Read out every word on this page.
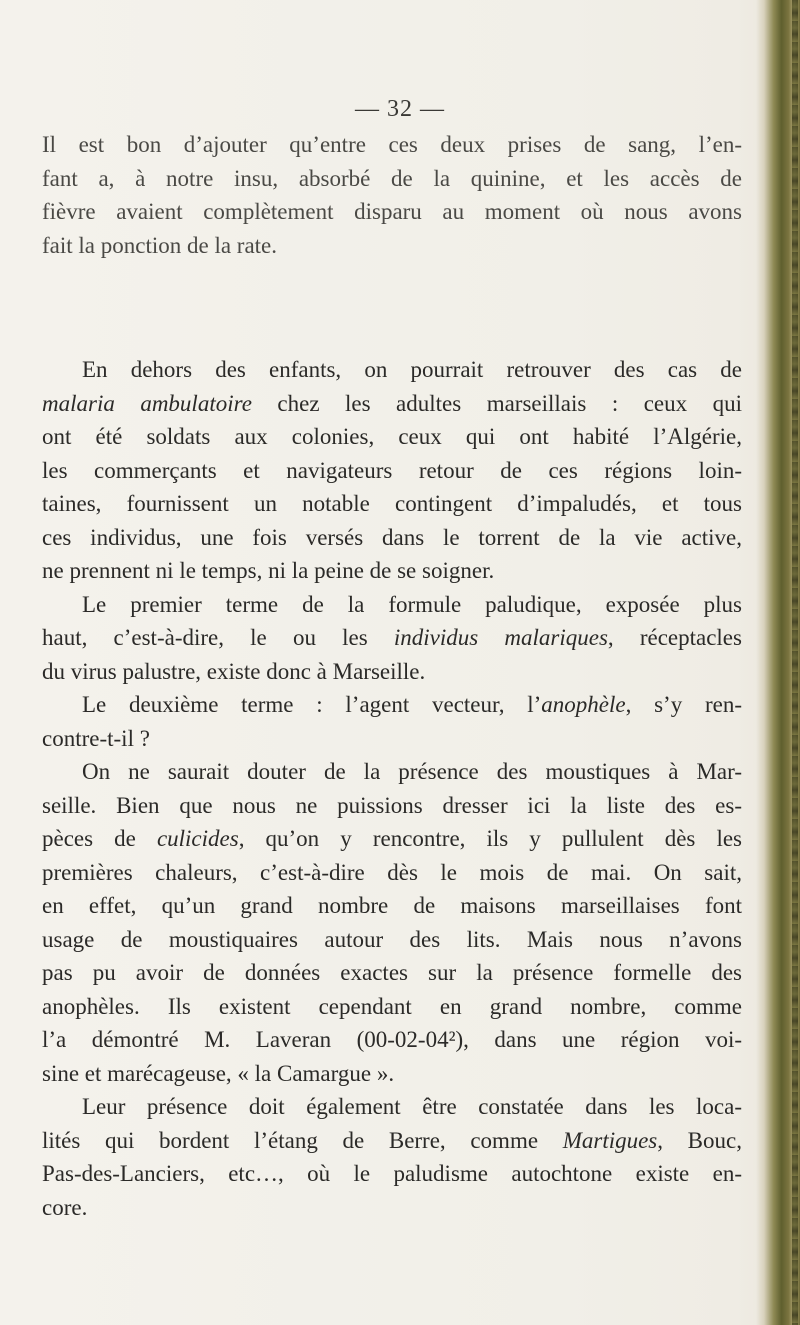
— 32 —
Il est bon d’ajouter qu’entre ces deux prises de sang, l’en-
fant a, à notre insu, absorbé de la quinine, et les accès de
fièvre avaient complètement disparu au moment où nous avons
fait la ponction de la rate.
En dehors des enfants, on pourrait retrouver des cas de
malaria ambulatoire chez les adultes marseillais : ceux qui
ont été soldats aux colonies, ceux qui ont habité l’Algérie,
les commerçants et navigateurs retour de ces régions loin-
taines, fournissent un notable contingent d’impaludés, et tous
ces individus, une fois versés dans le torrent de la vie active,
ne prennent ni le temps, ni la peine de se soigner.
Le premier terme de la formule paludique, exposée plus
haut, c’est-à-dire, le ou les individus malariques, réceptacles
du virus palustre, existe donc à Marseille.
Le deuxième terme : l’agent vecteur, l’anophèle, s’y ren-
contre-t-il ?
On ne saurait douter de la présence des moustiques à Mar-
seille. Bien que nous ne puissions dresser ici la liste des es-
pèces de culicides, qu’on y rencontre, ils y pullulent dès les
premières chaleurs, c’est-à-dire dès le mois de mai. On sait,
en effet, qu’un grand nombre de maisons marseillaises font
usage de moustiquaires autour des lits. Mais nous n’avons
pas pu avoir de données exactes sur la présence formelle des
anophèles. Ils existent cependant en grand nombre, comme
l’a démontré M. Laveran (00-02-04²), dans une région voi-
sine et marécageuse, « la Camargue ».
Leur présence doit également être constatée dans les loca-
lités qui bordent l’étang de Berre, comme Martigues, Bouc,
Pas-des-Lanciers, etc…, où le paludisme autochtone existe en-
core.
